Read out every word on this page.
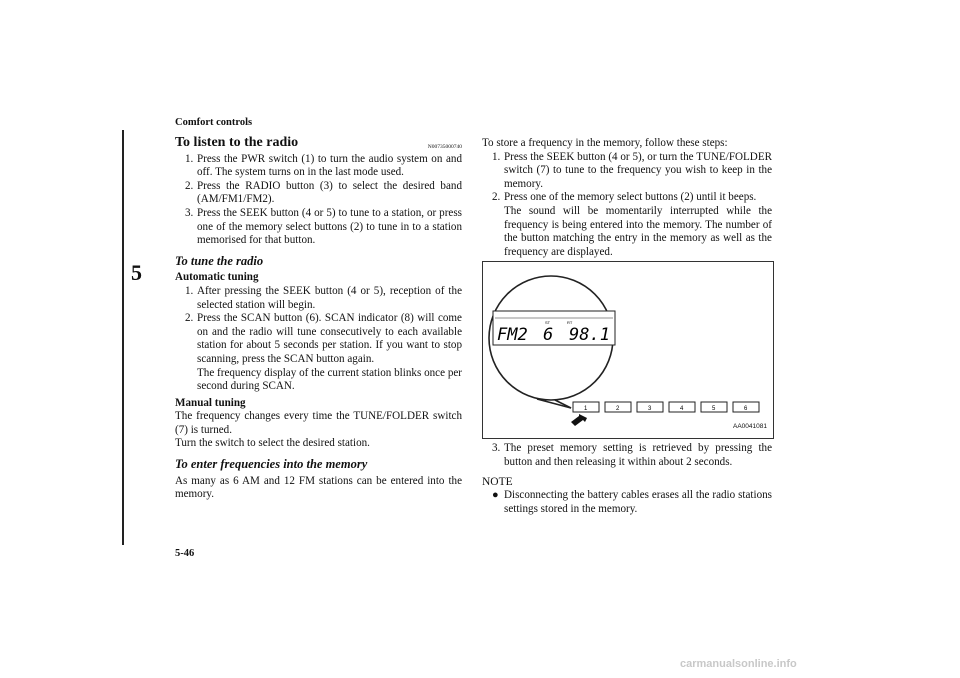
Comfort controls
5
To listen to the radio	N00735000740
1. Press the PWR switch (1) to turn the audio system on and off. The system turns on in the last mode used.
2. Press the RADIO button (3) to select the desired band (AM/FM1/FM2).
3. Press the SEEK button (4 or 5) to tune to a station, or press one of the memory select buttons (2) to tune in to a station memorised for that button.
To tune the radio

Automatic tuning

1. After pressing the SEEK button (4 or 5), reception of the selected station will begin.
2. Press the SCAN button (6). SCAN indicator (8) will come on and the radio will tune consecutively to each available station for about 5 seconds per station. If you want to stop scanning, press the SCAN button again.
The frequency display of the current station blinks once per second during SCAN.

Manual tuning

The frequency changes every time the TUNE/FOLDER switch (7) is turned.

Turn the switch to select the desired station.

To enter frequencies into the memory

As many as 6 AM and 12 FM stations can be entered into the memory.

To store a frequency in the memory, follow these steps:

1. Press the SEEK button (4 or 5), or turn the TUNE/FOLDER switch (7) to tune to the frequency you wish to keep in the memory.
2. Press one of the memory select buttons (2) until it beeps.
The sound will be momentarily interrupted while the frequency is being entered into the memory. The number of the button matching the entry in the memory as well as the frequency are displayed.
ST	RT
FM2 6 98.1
1	2	3	4	5	6
AA0041081
3. The preset memory setting is retrieved by pressing the button and then releasing it within about 2 seconds.

NOTE

● Disconnecting the battery cables erases all the radio stations settings stored in the memory.
5-46
carmanualsonline.info
